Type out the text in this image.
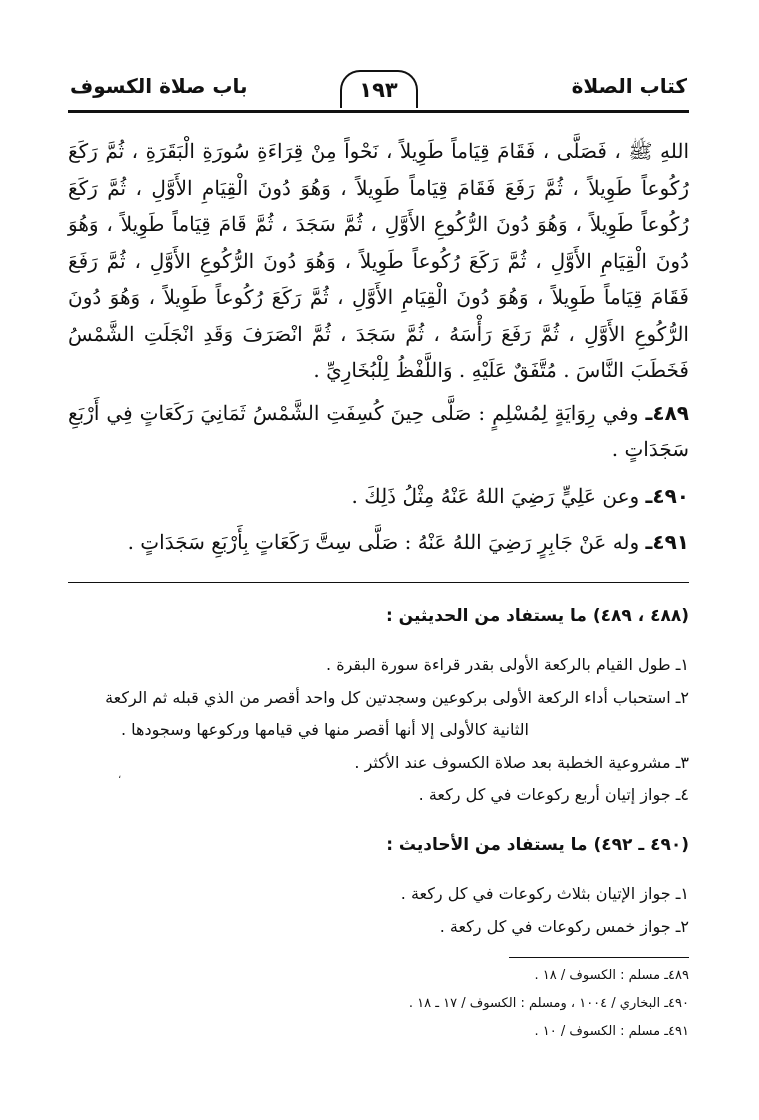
كتاب الصلاة
١٩٣
باب صلاة الكسوف

اللهِ ﷺ ، فَصَلَّى ، فَقَامَ قِيَاماً طَوِيلاً ، نَحْواً مِنْ قِرَاءَةِ سُورَةِ الْبَقَرَةِ ، ثُمَّ رَكَعَ رُكُوعاً طَوِيلاً ، ثُمَّ رَفَعَ فَقَامَ قِيَاماً طَوِيلاً ، وَهُوَ دُونَ الْقِيَامِ الأَوَّلِ ، ثُمَّ رَكَعَ رُكُوعاً طَوِيلاً ، وَهُوَ دُونَ الرُّكُوعِ الأَوَّلِ ، ثُمَّ سَجَدَ ، ثُمَّ قَامَ قِيَاماً طَوِيلاً ، وَهُوَ دُونَ الْقِيَامِ الأَوَّلِ ، ثُمَّ رَكَعَ رُكُوعاً طَوِيلاً ، وَهُوَ دُونَ الرُّكُوعِ الأَوَّلِ ، ثُمَّ رَفَعَ فَقَامَ قِيَاماً طَوِيلاً ، وَهُوَ دُونَ الْقِيَامِ الأَوَّلِ ، ثُمَّ رَكَعَ رُكُوعاً طَوِيلاً ، وَهُوَ دُونَ الرُّكُوعِ الأَوَّلِ ، ثُمَّ رَفَعَ رَأْسَهُ ، ثُمَّ سَجَدَ ، ثُمَّ انْصَرَفَ وَقَدِ انْجَلَتِ الشَّمْسُ فَخَطَبَ النَّاسَ . مُتَّفَقٌ عَلَيْهِ . وَاللَّفْظُ لِلْبُخَارِيِّ .

٤٨٩ـ وفي رِوَايَةٍ لِمُسْلِمٍ : صَلَّى حِينَ كُسِفَتِ الشَّمْسُ ثَمَانِيَ رَكَعَاتٍ فِي أَرْبَعِ سَجَدَاتٍ .

٤٩٠ـ وعن عَلِيٍّ رَضِيَ اللهُ عَنْهُ مِثْلُ ذَلِكَ .

٤٩١ـ وله عَنْ جَابِرٍ رَضِيَ اللهُ عَنْهُ : صَلَّى سِتَّ رَكَعَاتٍ بِأَرْبَعِ سَجَدَاتٍ .

(٤٨٨ ، ٤٨٩) ما يستفاد من الحديثين :

١ـ طول القيام بالركعة الأولى بقدر قراءة سورة البقرة .

٢ـ استحباب أداء الركعة الأولى بركوعين وسجدتين كل واحد أقصر من الذي قبله ثم الركعة

الثانية كالأولى إلا أنها أقصر منها في قيامها وركوعها وسجودها .

٣ـ مشروعية الخطبة بعد صلاة الكسوف عند الأكثر .

٤ـ جواز إتيان أربع ركوعات في كل ركعة .

(٤٩٠ ـ ٤٩٢) ما يستفاد من الأحاديث :

١ـ جواز الإتيان بثلاث ركوعات في كل ركعة .

٢ـ جواز خمس ركوعات في كل ركعة .

٤٨٩ـ مسلم : الكسوف / ١٨ .

٤٩٠ـ البخاري / ١٠٠٤ ، ومسلم : الكسوف / ١٧ ـ ١٨ .

٤٩١ـ مسلم : الكسوف / ١٠ .

،
